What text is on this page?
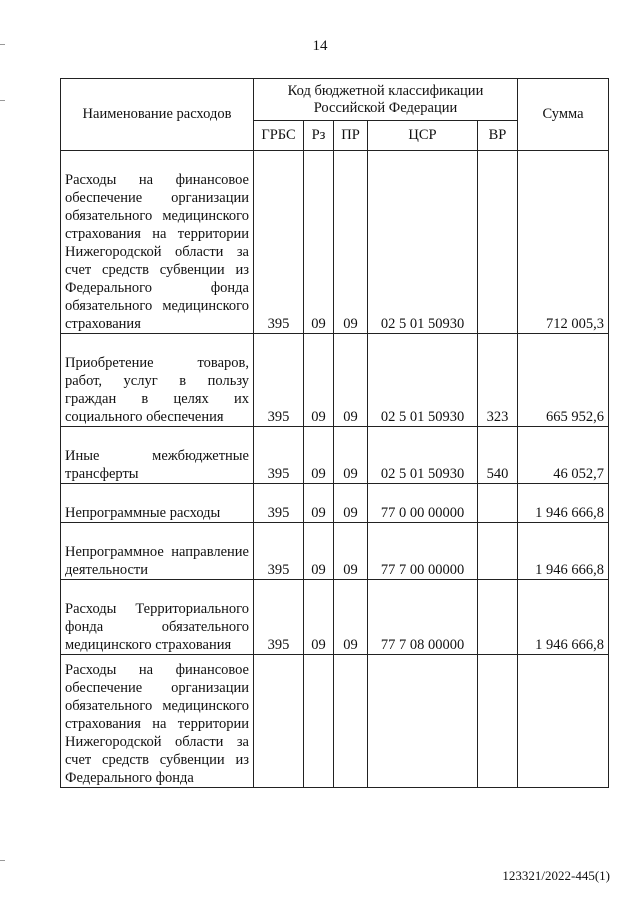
14
Наименование расходов	Код бюджетной классификации Российской Федерации					Сумма
	ГРБС	Рз	ПР	ЦСР	ВР	
Расходы на финансовое обеспечение организации обязательного медицинского страхования на территории Нижегородской области за счет средств субвенции из Федерального фонда обязательного медицинского страхования	395	09	09	02 5 01 50930		712 005,3
Приобретение товаров, работ, услуг в пользу граждан в целях их социального обеспечения	395	09	09	02 5 01 50930	323	665 952,6
Иные межбюджетные трансферты	395	09	09	02 5 01 50930	540	46 052,7
Непрограммные расходы	395	09	09	77 0 00 00000		1 946 666,8
Непрограммное направление деятельности	395	09	09	77 7 00 00000		1 946 666,8
Расходы Территориального фонда обязательного медицинского страхования	395	09	09	77 7 08 00000		1 946 666,8
Расходы на финансовое обеспечение организации обязательного медицинского страхования на территории Нижегородской области за счет средств субвенции из Федерального фонда						
123321/2022-445(1)
